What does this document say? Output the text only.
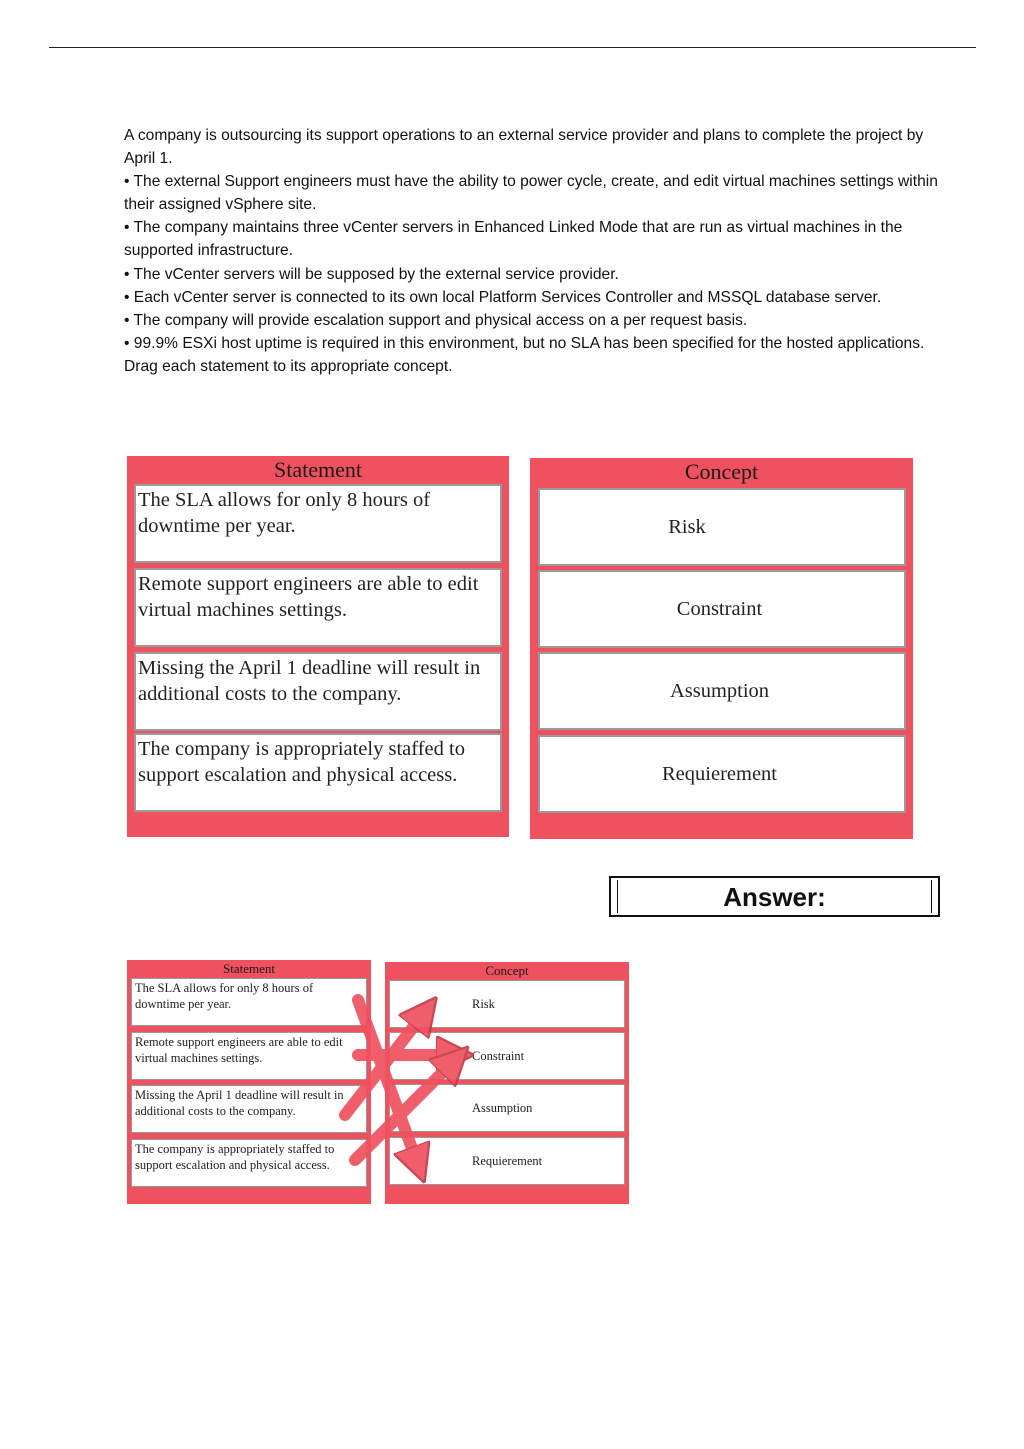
A company is outsourcing its support operations to an external service provider and plans to complete the project by April 1.

• The external Support engineers must have the ability to power cycle, create, and edit virtual machines settings within their assigned vSphere site.

• The company maintains three vCenter servers in Enhanced Linked Mode that are run as virtual machines in the supported infrastructure.

• The vCenter servers will be supposed by the external service provider.

• Each vCenter server is connected to its own local Platform Services Controller and MSSQL database server.

• The company will provide escalation support and physical access on a per request basis.

• 99.9% ESXi host uptime is required in this environment, but no SLA has been specified for the hosted applications.

Drag each statement to its appropriate concept.

Statement
The SLA allows for only 8 hours of downtime per year.
Remote support engineers are able to edit virtual machines settings.
Missing the April 1 deadline will result in additional costs to the company.
The company is appropriately staffed to support escalation and physical access.
Concept
Risk
Constraint
Assumption
Requierement
Answer:
Statement
The SLA allows for only 8 hours of downtime per year.
Remote support engineers are able to edit virtual machines settings.
Missing the April 1 deadline will result in additional costs to the company.
The company is appropriately staffed to support escalation and physical access.
Concept
Risk
Constraint
Assumption
Requierement
